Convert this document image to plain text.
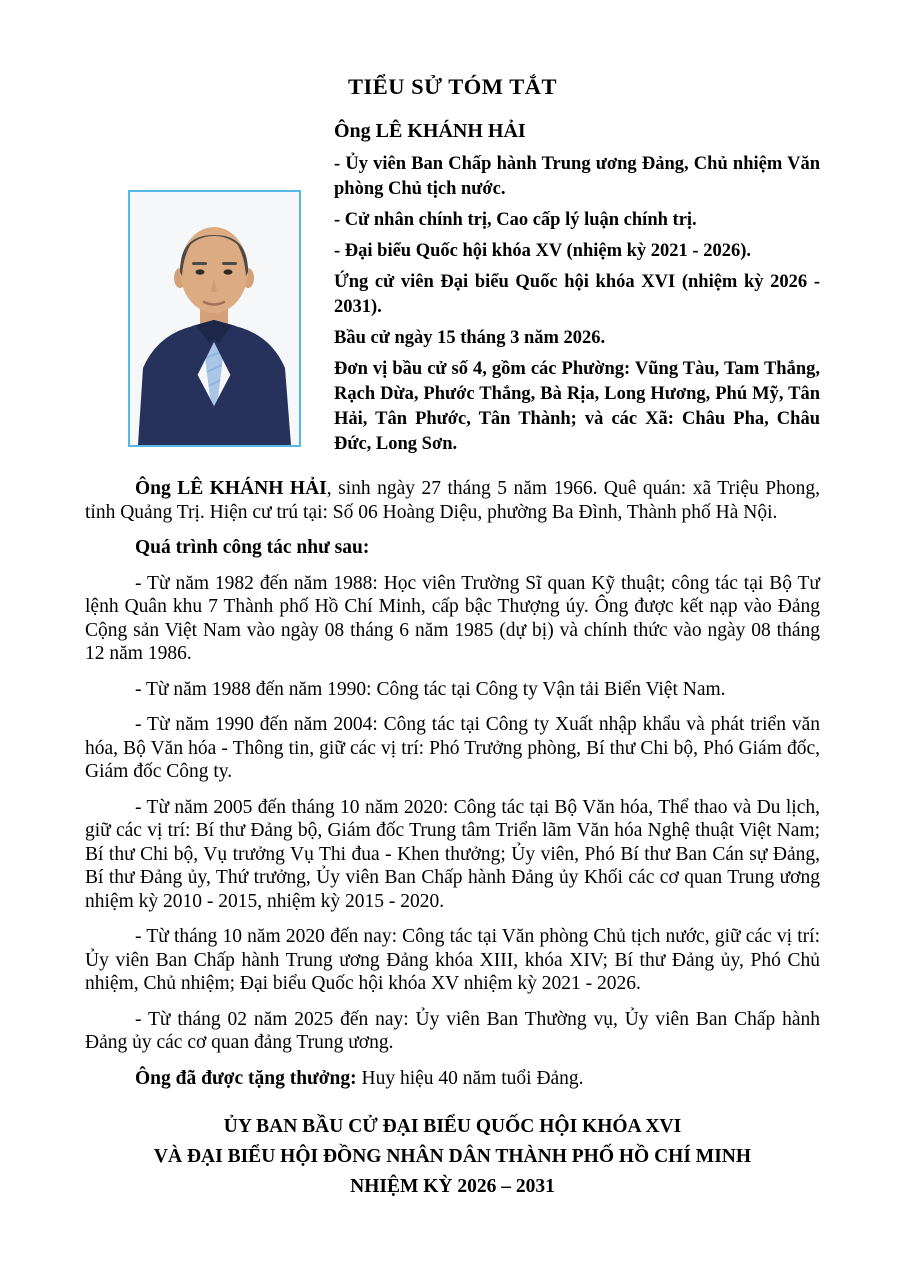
TIỂU SỬ TÓM TẮT
Ông LÊ KHÁNH HẢI
- Ủy viên Ban Chấp hành Trung ương Đảng, Chủ nhiệm Văn phòng Chủ tịch nước.
- Cử nhân chính trị, Cao cấp lý luận chính trị.
- Đại biểu Quốc hội khóa XV (nhiệm kỳ 2021 - 2026).
Ứng cử viên Đại biểu Quốc hội khóa XVI (nhiệm kỳ 2026 - 2031).
Bầu cử ngày 15 tháng 3 năm 2026.
Đơn vị bầu cử số 4, gồm các Phường: Vũng Tàu, Tam Thắng, Rạch Dừa, Phước Thắng, Bà Rịa, Long Hương, Phú Mỹ, Tân Hải, Tân Phước, Tân Thành; và các Xã: Châu Pha, Châu Đức, Long Sơn.

Ông LÊ KHÁNH HẢI, sinh ngày 27 tháng 5 năm 1966. Quê quán: xã Triệu Phong, tỉnh Quảng Trị. Hiện cư trú tại: Số 06 Hoàng Diệu, phường Ba Đình, Thành phố Hà Nội.

Quá trình công tác như sau:

- Từ năm 1982 đến năm 1988: Học viên Trường Sĩ quan Kỹ thuật; công tác tại Bộ Tư lệnh Quân khu 7 Thành phố Hồ Chí Minh, cấp bậc Thượng úy. Ông được kết nạp vào Đảng Cộng sản Việt Nam vào ngày 08 tháng 6 năm 1985 (dự bị) và chính thức vào ngày 08 tháng 12 năm 1986.

- Từ năm 1988 đến năm 1990: Công tác tại Công ty Vận tải Biển Việt Nam.

- Từ năm 1990 đến năm 2004: Công tác tại Công ty Xuất nhập khẩu và phát triển văn hóa, Bộ Văn hóa - Thông tin, giữ các vị trí: Phó Trưởng phòng, Bí thư Chi bộ, Phó Giám đốc, Giám đốc Công ty.

- Từ năm 2005 đến tháng 10 năm 2020: Công tác tại Bộ Văn hóa, Thể thao và Du lịch, giữ các vị trí: Bí thư Đảng bộ, Giám đốc Trung tâm Triển lãm Văn hóa Nghệ thuật Việt Nam; Bí thư Chi bộ, Vụ trưởng Vụ Thi đua - Khen thưởng; Ủy viên, Phó Bí thư Ban Cán sự Đảng, Bí thư Đảng ủy, Thứ trưởng, Ủy viên Ban Chấp hành Đảng ủy Khối các cơ quan Trung ương nhiệm kỳ 2010 - 2015, nhiệm kỳ 2015 - 2020.

- Từ tháng 10 năm 2020 đến nay: Công tác tại Văn phòng Chủ tịch nước, giữ các vị trí: Ủy viên Ban Chấp hành Trung ương Đảng khóa XIII, khóa XIV; Bí thư Đảng ủy, Phó Chủ nhiệm, Chủ nhiệm; Đại biểu Quốc hội khóa XV nhiệm kỳ 2021 - 2026.

- Từ tháng 02 năm 2025 đến nay: Ủy viên Ban Thường vụ, Ủy viên Ban Chấp hành Đảng ủy các cơ quan đảng Trung ương.

Ông đã được tặng thưởng: Huy hiệu 40 năm tuổi Đảng.

ỦY BAN BẦU CỬ ĐẠI BIỂU QUỐC HỘI KHÓA XVI
VÀ ĐẠI BIỂU HỘI ĐỒNG NHÂN DÂN THÀNH PHỐ HỒ CHÍ MINH
NHIỆM KỲ 2026 – 2031
